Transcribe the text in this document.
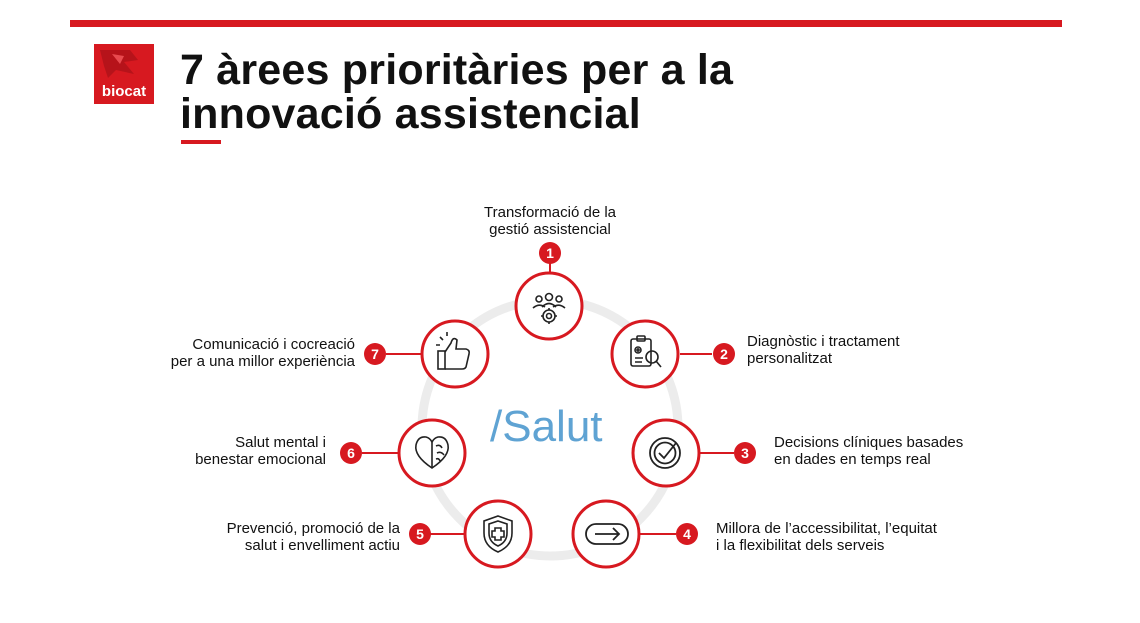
biocat 7 àrees prioritàries per a la
innovació assistencial
1
2
3
4
5
6
7
/Salut
Transformació de la
gestió assistencial
Diagnòstic i tractament
personalitzat
Decisions clíniques basades
en dades en temps real
Millora de l’accessibilitat, l’equitat
i la flexibilitat dels serveis
Prevenció, promoció de la
salut i envelliment actiu
Salut mental i
benestar emocional
Comunicació i cocreació
per a una millor experiència
